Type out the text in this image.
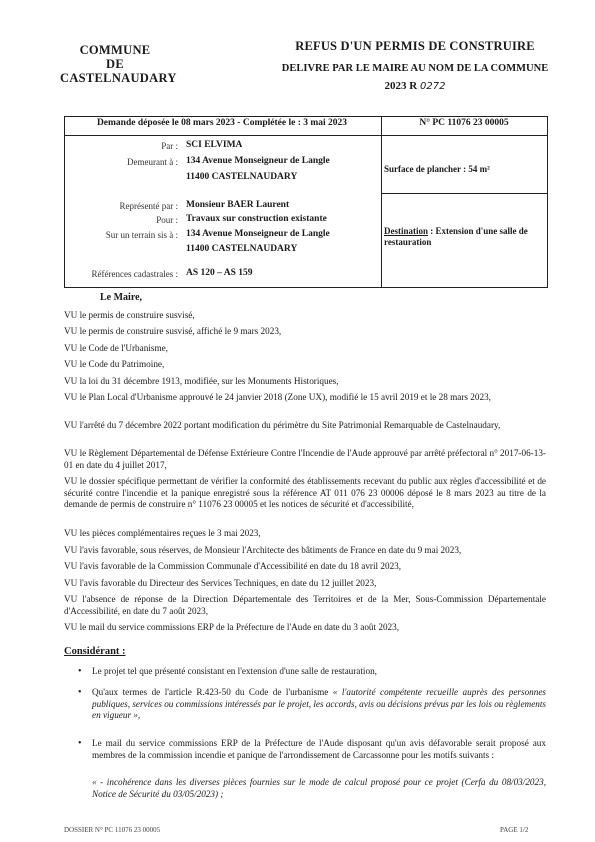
COMMUNE
DE
CASTELNAUDARY
REFUS D'UN PERMIS DE CONSTRUIRE
DELIVRE PAR LE MAIRE AU NOM DE LA COMMUNE
2023 R 0272
Demande déposée le 08 mars 2023 - Complétée le : 3 mai 2023	N° PC 11076 23 00005
Par : SCI ELVIMA
Demeurant à : 134 Avenue Monseigneur de Langle
11400 CASTELNAUDARY
Représenté par : Monsieur BAER Laurent
Pour : Travaux sur construction existante
Sur un terrain sis à : 134 Avenue Monseigneur de Langle
11400 CASTELNAUDARY
Références cadastrales : AS 120 – AS 159
Surface de plancher : 54 m²
Destination : Extension d'une salle de restauration
Le Maire,
VU le permis de construire susvisé,
VU le permis de construire susvisé, affiché le 9 mars 2023,
VU le Code de l'Urbanisme,
VU le Code du Patrimoine,
VU la loi du 31 décembre 1913, modifiée, sur les Monuments Historiques,
VU le Plan Local d'Urbanisme approuvé le 24 janvier 2018 (Zone UX), modifié le 15 avril 2019 et le 28 mars 2023,
VU l'arrêté du 7 décembre 2022 portant modification du périmètre du Site Patrimonial Remarquable de Castelnaudary,
VU le Règlement Départemental de Défense Extérieure Contre l'Incendie de l'Aude approuvé par arrêté préfectoral n° 2017-06-13-01 en date du 4 juillet 2017,
VU le dossier spécifique permettant de vérifier la conformité des établissements recevant du public aux règles d'accessibilité et de sécurité contre l'incendie et la panique enregistré sous la référence AT 011 076 23 00006 déposé le 8 mars 2023 au titre de la demande de permis de construire n° 11076 23 00005 et les notices de sécurité et d'accessibilité,
VU les pièces complémentaires reçues le 3 mai 2023,
VU l'avis favorable, sous réserves, de Monsieur l'Architecte des bâtiments de France en date du 9 mai 2023,
VU l'avis favorable de la Commission Communale d'Accessibilité en date du 18 avril 2023,
VU l'avis favorable du Directeur des Services Techniques, en date du 12 juillet 2023,
VU l'absence de réponse de la Direction Départementale des Territoires et de la Mer, Sous-Commission Départementale d'Accessibilité, en date du 7 août 2023,
VU le mail du service commissions ERP de la Préfecture de l'Aude en date du 3 août 2023,
Considérant :
• Le projet tel que présenté consistant en l'extension d'une salle de restauration,
• Qu'aux termes de l'article R.423-50 du Code de l'urbanisme « l'autorité compétente recueille auprès des personnes publiques, services ou commissions intéressés par le projet, les accords, avis ou décisions prévus par les lois ou règlements en vigueur »,
• Le mail du service commissions ERP de la Préfecture de l'Aude disposant qu'un avis défavorable serait proposé aux membres de la commission incendie et panique de l'arrondissement de Carcassonne pour les motifs suivants :
« - incohérence dans les diverses pièces fournies sur le mode de calcul proposé pour ce projet (Cerfa du 08/03/2023, Notice de Sécurité du 03/05/2023) ;
DOSSIER N° PC 11076 23 00005	PAGE 1/2
